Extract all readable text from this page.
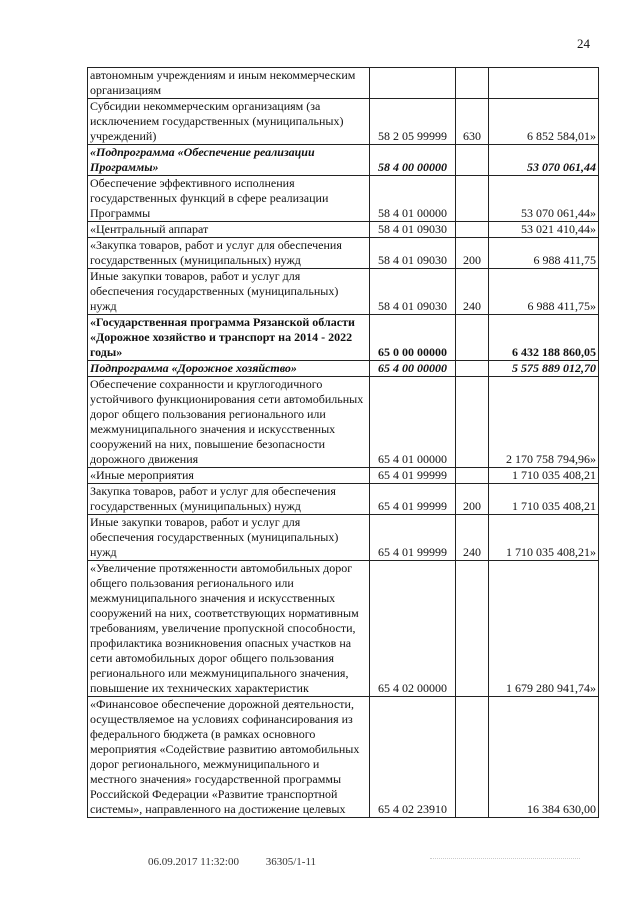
24
автономным учреждениям и иным некоммерческим организациям			
Субсидии некоммерческим организациям (за исключением государственных (муниципальных) учреждений)	58 2 05 99999	630	6 852 584,01»
«Подпрограмма «Обеспечение реализации Программы»	58 4 00 00000		53 070 061,44
Обеспечение эффективного исполнения государственных функций в сфере реализации Программы	58 4 01 00000		53 070 061,44»
«Центральный аппарат	58 4 01 09030		53 021 410,44»
«Закупка товаров, работ и услуг для обеспечения государственных (муниципальных) нужд	58 4 01 09030	200	6 988 411,75
Иные закупки товаров, работ и услуг для обеспечения государственных (муниципальных) нужд	58 4 01 09030	240	6 988 411,75»
«Государственная программа Рязанской области «Дорожное хозяйство и транспорт на 2014 - 2022 годы»	65 0 00 00000		6 432 188 860,05
Подпрограмма «Дорожное хозяйство»	65 4 00 00000		5 575 889 012,70
Обеспечение сохранности и круглогодичного устойчивого функционирования сети автомобильных дорог общего пользования регионального или межмуниципального значения и искусственных сооружений на них, повышение безопасности дорожного движения	65 4 01 00000		2 170 758 794,96»
«Иные мероприятия	65 4 01 99999		1 710 035 408,21
Закупка товаров, работ и услуг для обеспечения государственных (муниципальных) нужд	65 4 01 99999	200	1 710 035 408,21
Иные закупки товаров, работ и услуг для обеспечения государственных (муниципальных) нужд	65 4 01 99999	240	1 710 035 408,21»
«Увеличение протяженности автомобильных дорог общего пользования регионального или межмуниципального значения и искусственных сооружений на них, соответствующих нормативным требованиям, увеличение пропускной способности, профилактика возникновения опасных участков на сети автомобильных дорог общего пользования регионального или межмуниципального значения, повышение их технических характеристик	65 4 02 00000		1 679 280 941,74»
«Финансовое обеспечение дорожной деятельности, осуществляемое на условиях софинансирования из федерального бюджета (в рамках основного мероприятия «Содействие развитию автомобильных дорог регионального, межмуниципального и местного значения» государственной программы Российской Федерации «Развитие транспортной системы», направленного на достижение целевых	65 4 02 23910		16 384 630,00
06.09.2017 11:32:00 36305/1-11
